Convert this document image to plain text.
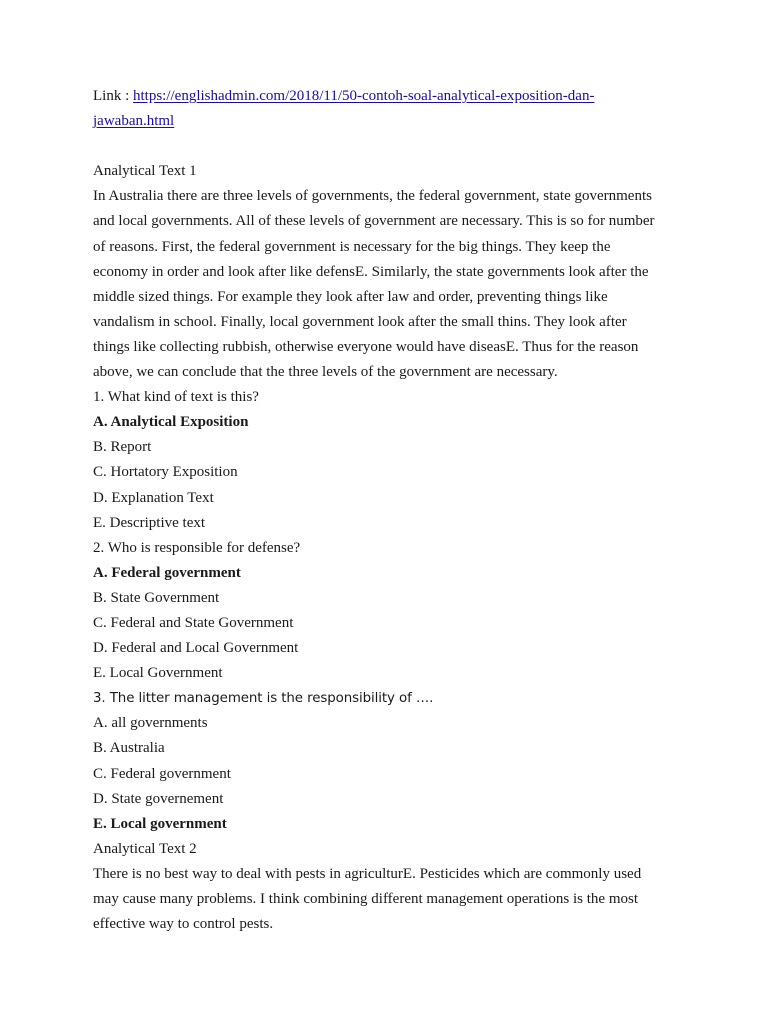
Link : https://englishadmin.com/2018/11/50-contoh-soal-analytical-exposition-dan-
jawaban.html
Analytical Text 1
In Australia there are three levels of governments, the federal government, state governments
and local governments. All of these levels of government are necessary. This is so for number
of reasons. First, the federal government is necessary for the big things. They keep the
economy in order and look after like defensE. Similarly, the state governments look after the
middle sized things. For example they look after law and order, preventing things like
vandalism in school. Finally, local government look after the small thins. They look after
things like collecting rubbish, otherwise everyone would have diseasE. Thus for the reason
above, we can conclude that the three levels of the government are necessary.
1. What kind of text is this?
A. Analytical Exposition
B. Report
C. Hortatory Exposition
D. Explanation Text
E. Descriptive text
2. Who is responsible for defense?
A. Federal government
B. State Government
C. Federal and State Government
D. Federal and Local Government
E. Local Government
3. The litter management is the responsibility of ….
A. all governments
B. Australia
C. Federal government
D. State governement
E. Local government
Analytical Text 2
There is no best way to deal with pests in agriculturE. Pesticides which are commonly used
may cause many problems. I think combining different management operations is the most
effective way to control pests.
